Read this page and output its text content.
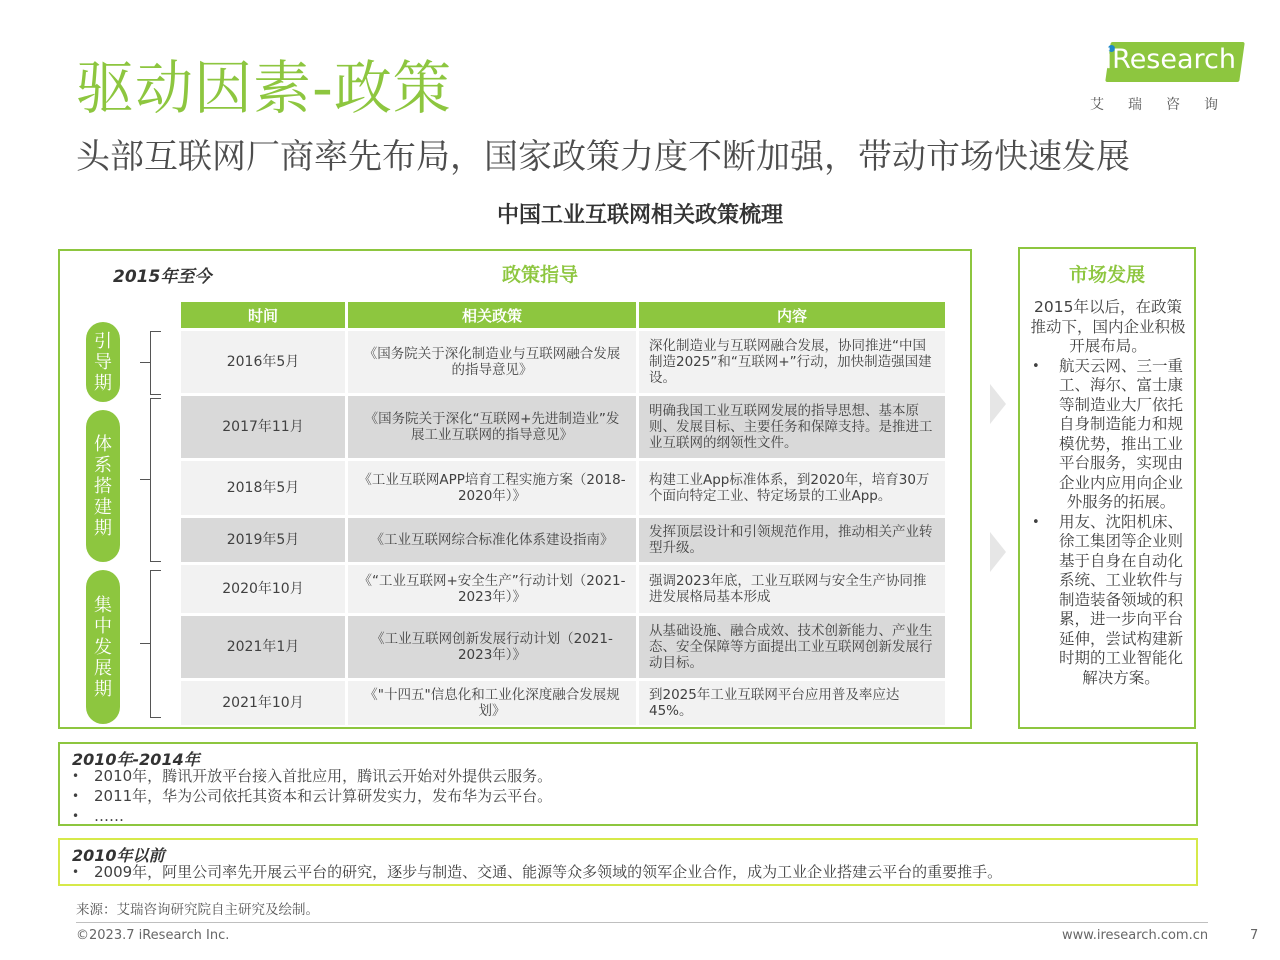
驱动因素-政策
头部互联网厂商率先布局，国家政策力度不断加强，带动市场快速发展
iResearch
艾瑞咨询
中国工业互联网相关政策梳理
2015年至今	政策指导
时间	相关政策	内容
2016年5月	《国务院关于深化制造业与互联网融合发展的指导意见》	深化制造业与互联网融合发展，协同推进“中国制造2025”和“互联网+”行动，加快制造强国建设。
2017年11月	《国务院关于深化“互联网+先进制造业”发展工业互联网的指导意见》	明确我国工业互联网发展的指导思想、基本原则、发展目标、主要任务和保障支持。是推进工业互联网的纲领性文件。
2018年5月	《工业互联网APP培育工程实施方案（2018-2020年）》	构建工业App标准体系，到2020年，培育30万个面向特定工业、特定场景的工业App。
2019年5月	《工业互联网综合标准化体系建设指南》	发挥顶层设计和引领规范作用，推动相关产业转型升级。
2020年10月	《“工业互联网+安全生产”行动计划（2021-2023年）》	强调2023年底，工业互联网与安全生产协同推进发展格局基本形成
2021年1月	《工业互联网创新发展行动计划（2021-2023年）》	从基础设施、融合成效、技术创新能力、产业生态、安全保障等方面提出工业互联网创新发展行动目标。
2021年10月	《"十四五"信息化和工业化深度融合发展规划》	到2025年工业互联网平台应用普及率应达45%。
引
导
期
体
系
搭
建
期
集
中
发
展
期
市场发展
2015年以后，在政策推动下，国内企业积极开展布局。
• 航天云网、三一重工、海尔、富士康等制造业大厂依托自身制造能力和规模优势，推出工业平台服务，实现由企业内应用向企业外服务的拓展。
• 用友、沈阳机床、徐工集团等企业则基于自身在自动化系统、工业软件与制造装备领域的积累，进一步向平台延伸，尝试构建新时期的工业智能化解决方案。
2010年-2014年
• 2010年，腾讯开放平台接入首批应用，腾讯云开始对外提供云服务。
• 2011年，华为公司依托其资本和云计算研发实力，发布华为云平台。
• ……
2010年以前
• 2009年，阿里公司率先开展云平台的研究，逐步与制造、交通、能源等众多领域的领军企业合作，成为工业企业搭建云平台的重要推手。
来源：艾瑞咨询研究院自主研究及绘制。
©2023.7 iResearch Inc.	www.iresearch.com.cn	7
